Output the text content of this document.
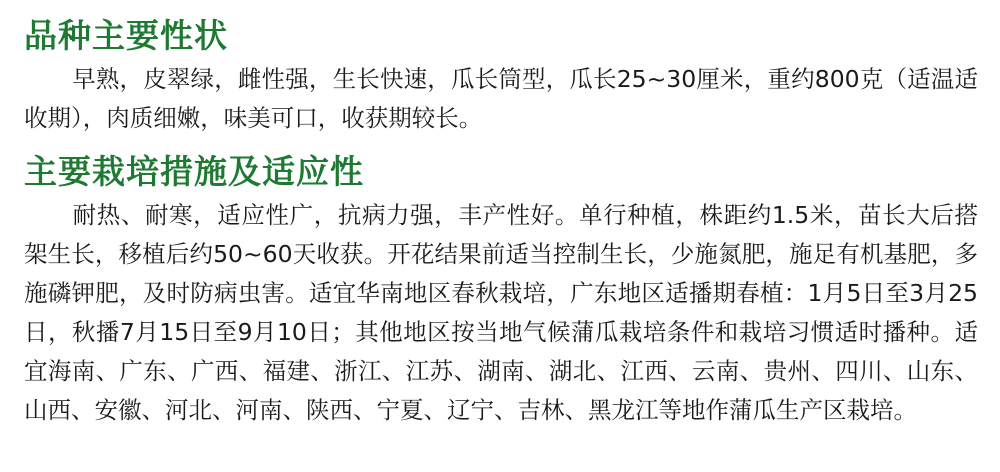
品种主要性状

早熟，皮翠绿，雌性强，生长快速，瓜长筒型，瓜长25~30厘米，重约800克（适温适收期），肉质细嫩，味美可口，收获期较长。

主要栽培措施及适应性

耐热、耐寒，适应性广，抗病力强，丰产性好。单行种植，株距约1.5米，苗长大后搭架生长，移植后约50~60天收获。开花结果前适当控制生长，少施氮肥，施足有机基肥，多施磷钾肥，及时防病虫害。适宜华南地区春秋栽培，广东地区适播期春植：1月5日至3月25日，秋播7月15日至9月10日；其他地区按当地气候蒲瓜栽培条件和栽培习惯适时播种。适宜海南、广东、广西、福建、浙江、江苏、湖南、湖北、江西、云南、贵州、四川、山东、山西、安徽、河北、河南、陕西、宁夏、辽宁、吉林、黑龙江等地作蒲瓜生产区栽培。
